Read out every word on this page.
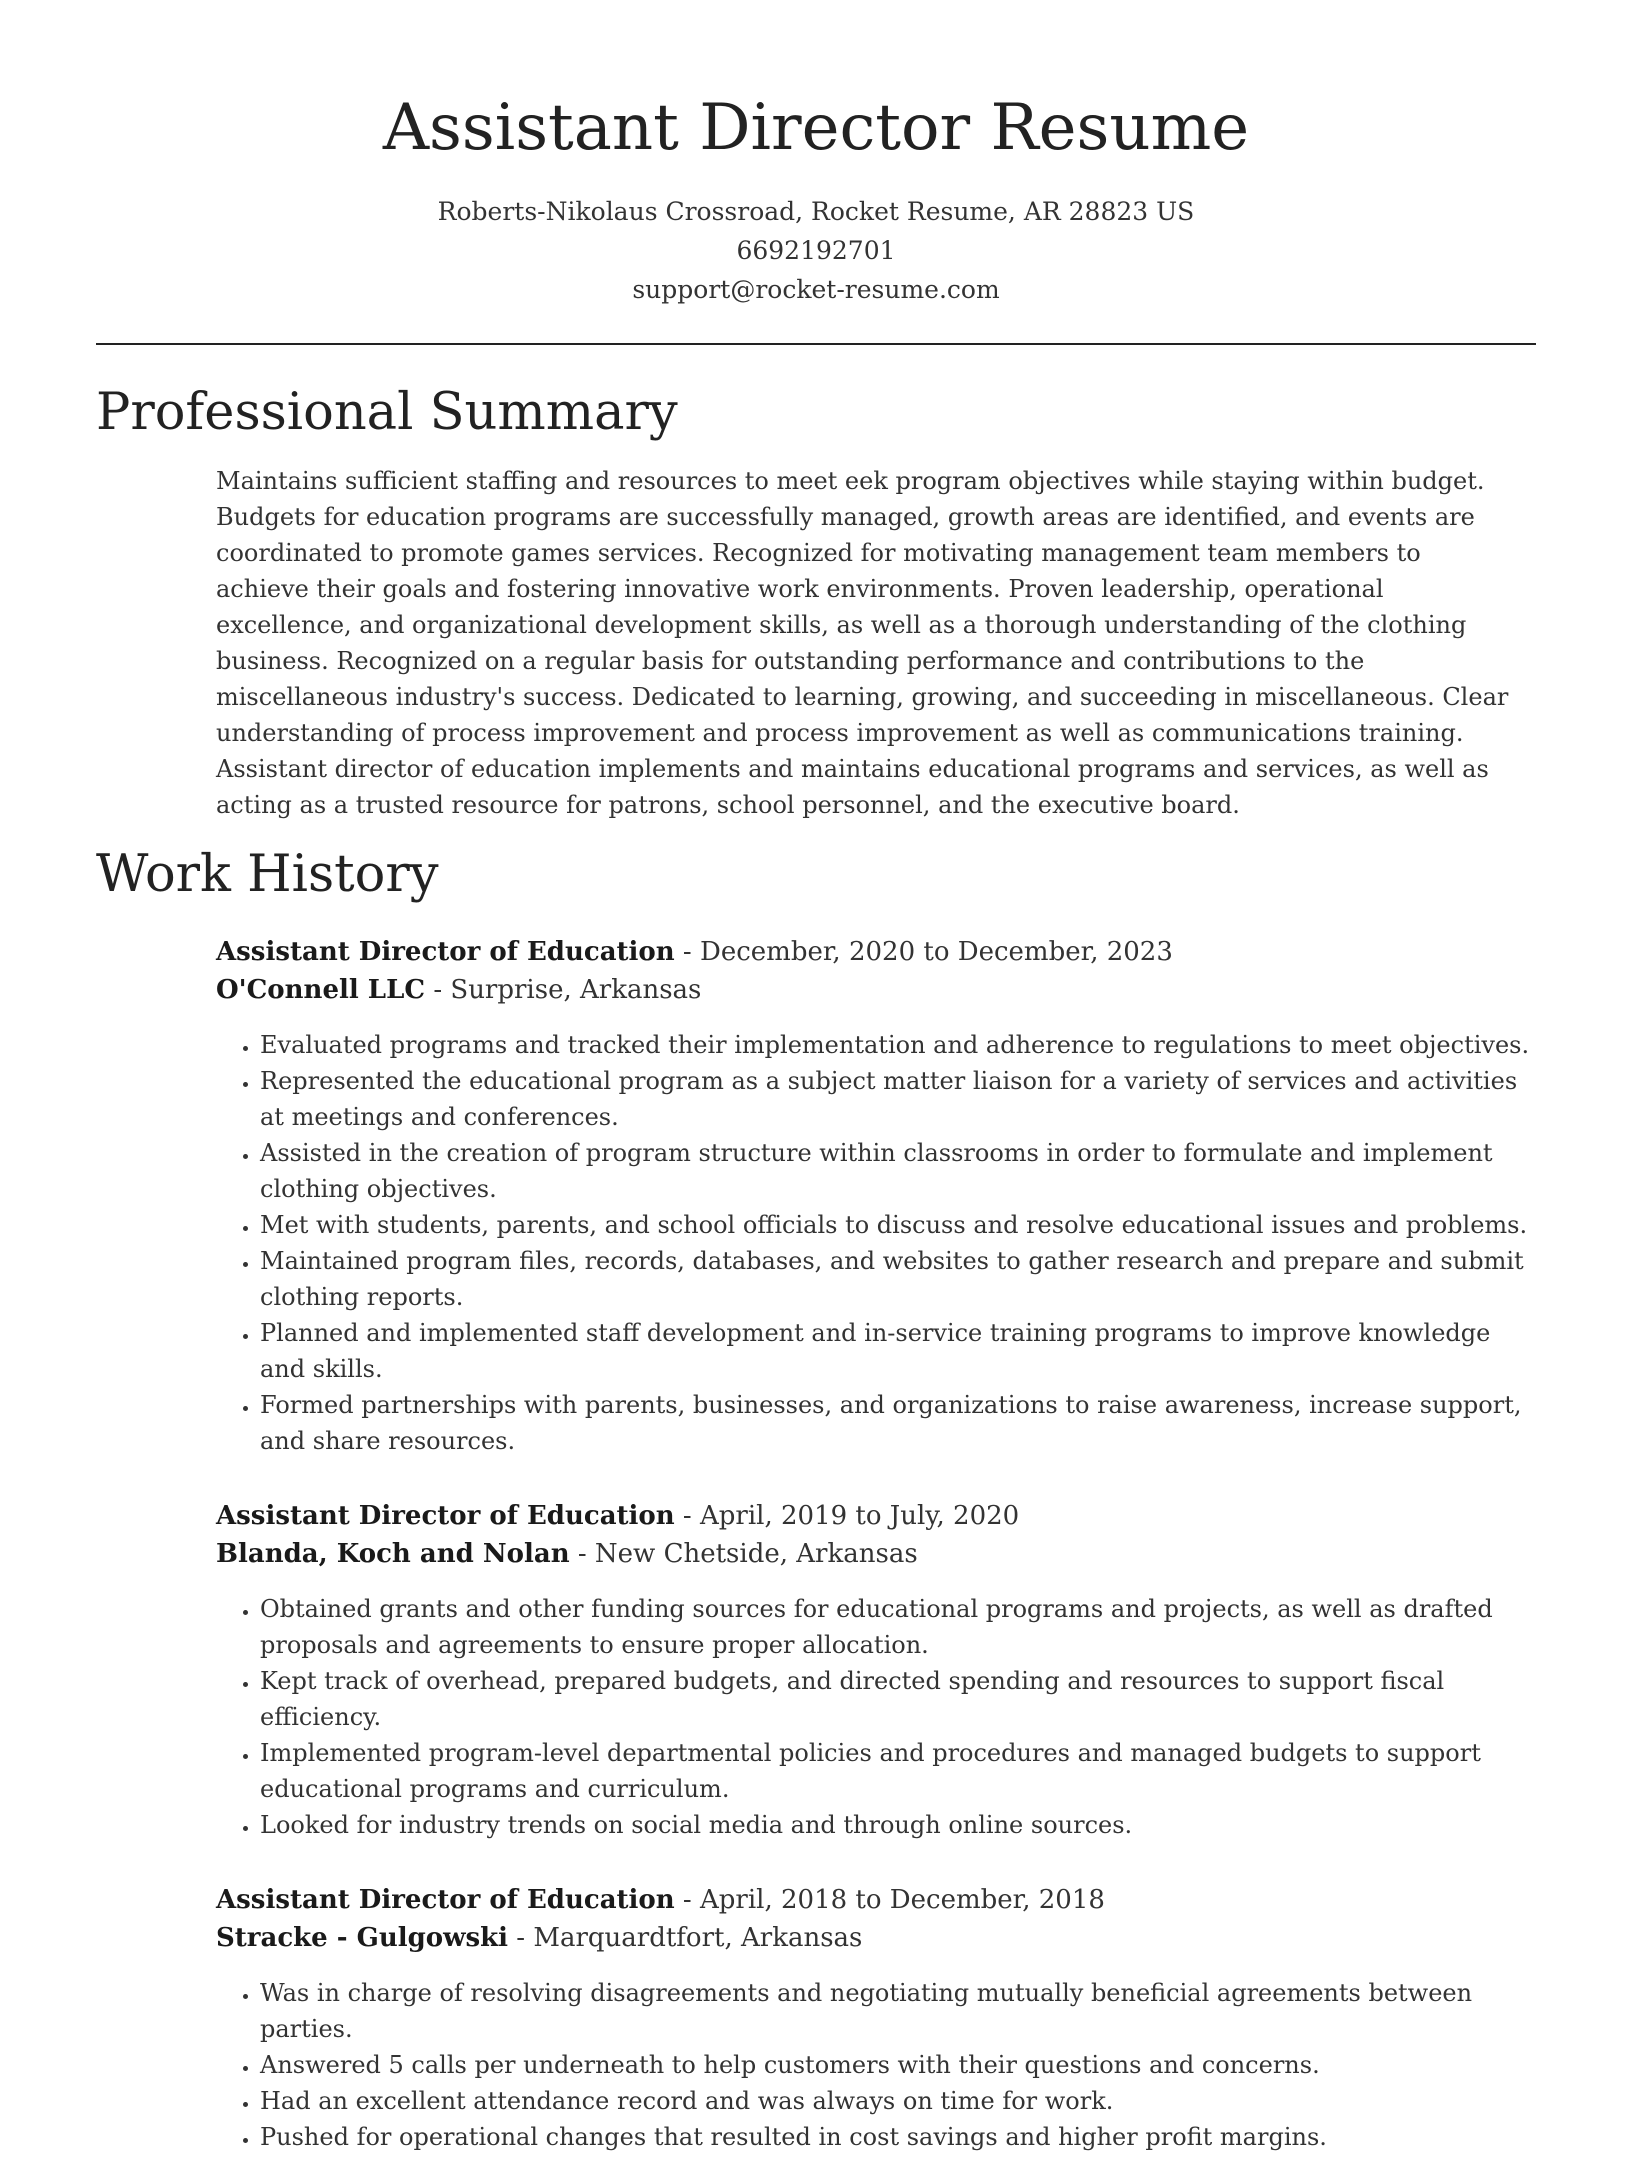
Assistant Director Resume
Roberts-Nikolaus Crossroad, Rocket Resume, AR 28823 US
6692192701
support@rocket-resume.com
Professional Summary
Maintains sufficient staffing and resources to meet eek program objectives while staying within budget. Budgets for education programs are successfully managed, growth areas are identified, and events are coordinated to promote games services. Recognized for motivating management team members to achieve their goals and fostering innovative work environments. Proven leadership, operational excellence, and organizational development skills, as well as a thorough understanding of the clothing business. Recognized on a regular basis for outstanding performance and contributions to the miscellaneous industry's success. Dedicated to learning, growing, and succeeding in miscellaneous. Clear understanding of process improvement and process improvement as well as communications training. Assistant director of education implements and maintains educational programs and services, as well as acting as a trusted resource for patrons, school personnel, and the executive board.
Work History
Assistant Director of Education - December, 2020 to December, 2023
O'Connell LLC - Surprise, Arkansas
• Evaluated programs and tracked their implementation and adherence to regulations to meet objectives.
• Represented the educational program as a subject matter liaison for a variety of services and activities at meetings and conferences.
• Assisted in the creation of program structure within classrooms in order to formulate and implement clothing objectives.
• Met with students, parents, and school officials to discuss and resolve educational issues and problems.
• Maintained program files, records, databases, and websites to gather research and prepare and submit clothing reports.
• Planned and implemented staff development and in-service training programs to improve knowledge and skills.
• Formed partnerships with parents, businesses, and organizations to raise awareness, increase support, and share resources.
Assistant Director of Education - April, 2019 to July, 2020
Blanda, Koch and Nolan - New Chetside, Arkansas
• Obtained grants and other funding sources for educational programs and projects, as well as drafted proposals and agreements to ensure proper allocation.
• Kept track of overhead, prepared budgets, and directed spending and resources to support fiscal efficiency.
• Implemented program-level departmental policies and procedures and managed budgets to support educational programs and curriculum.
• Looked for industry trends on social media and through online sources.
Assistant Director of Education - April, 2018 to December, 2018
Stracke - Gulgowski - Marquardtfort, Arkansas
• Was in charge of resolving disagreements and negotiating mutually beneficial agreements between parties.
• Answered 5 calls per underneath to help customers with their questions and concerns.
• Had an excellent attendance record and was always on time for work.
• Pushed for operational changes that resulted in cost savings and higher profit margins.
